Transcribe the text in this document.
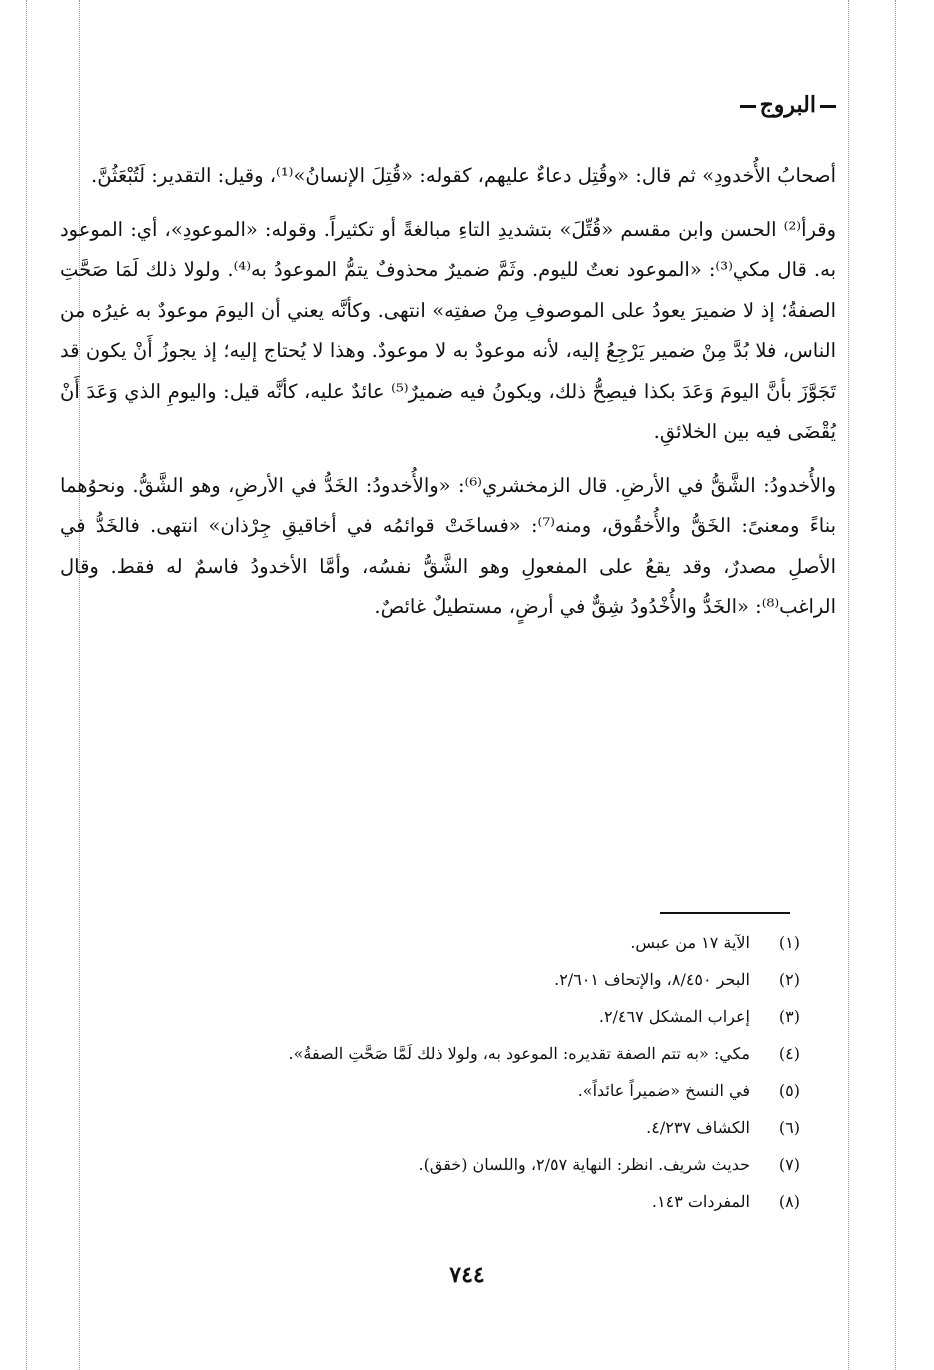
البروج

أصحابُ الأُخدودِ» ثم قال: «وقُتِل دعاءٌ عليهم، كقوله: «قُتِلَ الإنسانُ»⁽¹⁾، وقيل: التقدير: لَتُبْعَثُنَّ.

وقرأ⁽²⁾ الحسن وابن مقسم «قُتِّلَ» بتشديدِ التاءِ مبالغةً أو تكثيراً. وقوله: «الموعودِ»، أي: الموعود به. قال مكي⁽³⁾: «الموعود نعتٌ لليوم. وثَمَّ ضميرٌ محذوفٌ يتمُّ الموعودُ به⁽⁴⁾. ولولا ذلك لَمَا صَحَّتِ الصفةُ؛ إذ لا ضميرَ يعودُ على الموصوفِ مِنْ صفتِه» انتهى. وكأنَّه يعني أن اليومَ موعودٌ به غيرُه من الناس، فلا بُدَّ مِنْ ضمير يَرْجِعُ إليه، لأنه موعودٌ به لا موعودٌ. وهذا لا يُحتاج إليه؛ إذ يجوزُ أَنْ يكون قد تَجَوَّزَ بأنَّ اليومَ وَعَدَ بكذا فيصِحُّ ذلك، ويكونُ فيه ضميرٌ⁽⁵⁾ عائدٌ عليه، كأنَّه قيل: واليومِ الذي وَعَدَ أَنْ يُقْضَى فيه بين الخلائقِ.

والأُخدودُ: الشَّقُّ في الأرضِ. قال الزمخشري⁽⁶⁾: «والأُخدودُ: الخَدُّ في الأرضِ، وهو الشَّقُّ. ونحوُهما بناءً ومعنىً: الخَقُّ والأُخقُوق، ومنه⁽⁷⁾: «فساخَتْ قوائمُه في أخاقيقِ جِرْذان» انتهى. فالخَدُّ في الأصلِ مصدرٌ، وقد يقعُ على المفعولِ وهو الشَّقُّ نفسُه، وأمَّا الأخدودُ فاسمٌ له فقط. وقال الراغب⁽⁸⁾: «الخَدُّ والأُخْدُودُ شِقٌّ في أرضٍ، مستطيلٌ غائصٌ.

(١)الآية ١٧ من عبس.
(٢)البحر ٨/٤٥٠، والإتحاف ٢/٦٠١.
(٣)إعراب المشكل ٢/٤٦٧.
(٤)مكي: «به تتم الصفة تقديره: الموعود به، ولولا ذلك لَمَّا صَحَّتِ الصفةُ».
(٥)في النسخ «ضميراً عائداً».
(٦)الكشاف ٤/٢٣٧.
(٧)حديث شريف. انظر: النهاية ٢/٥٧، واللسان (خقق).
(٨)المفردات ١٤٣.
٧٤٤
